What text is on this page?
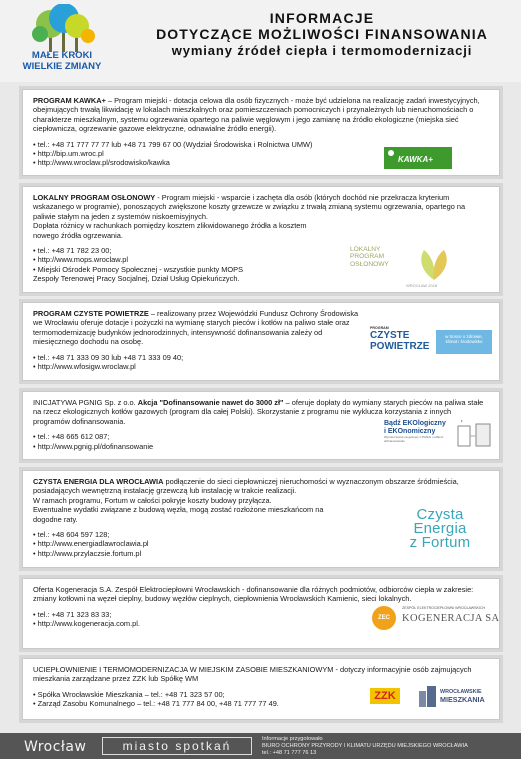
MAŁE KROKI
WIELKIE ZMIANY
INFORMACJE
DOTYCZĄCE MOŻLIWOŚCI FINANSOWANIA
wymiany źródeł ciepła i termomodernizacji

PROGRAM KAWKA+ – Program miejski - dotacja celowa dla osób fizycznych - może być udzielona na realizację zadań inwestycyjnych, obejmujących trwałą likwidację w lokalach mieszkalnych oraz pomieszczeniach pomocniczych i przynależnych lub nieruchomościach o charakterze mieszkalnym, systemu ogrzewania opartego na paliwie węglowym i jego zamianę na źródło ekologiczne (miejska sieć ciepłownicza, ogrzewanie gazowe elektryczne, odnawialne źródło energii).

• tel.: +48 71 777 77 77 lub +48 71 799 67 00 (Wydział Środowiska i Rolnictwa UMW)
• http://bip.um.wroc.pl
• http://www.wroclaw.pl/srodowisko/kawka	KAWKA+

LOKALNY PROGRAM OSŁONOWY - Program miejski - wsparcie i zachęta dla osób (których dochód nie przekracza kryterium wskazanego w programie), ponoszących zwiększone koszty grzewcze w związku z trwałą zmianą systemu ogrzewania, opartego na paliwie stałym na jeden z systemów niskoemisyjnych.

Dopłata różnicy w rachunkach pomiędzy kosztem zlikwidowanego źródła a kosztem nowego źródła ogrzewania.

• tel.: +48 71 782 23 00;
• http://www.mops.wroclaw.pl
• Miejski Ośrodek Pomocy Społecznej - wszystkie punkty MOPS

Zespoły Terenowej Pracy Socjalnej, Dział Usług Opiekuńczych.

LOKALNY
PROGRAM
OSŁONOWY
WROCŁAW 2018

PROGRAM CZYSTE POWIETRZE – realizowany przez Wojewódzki Fundusz Ochrony Środowiska we Wrocławiu oferuje dotacje i pożyczki na wymianę starych pieców i kotłów na paliwo stałe oraz termomodernizację budynków jednorodzinnych, intensywność dofinansowania zależy od miesięcznego dochodu na osobę.

• tel.: +48 71 333 09 30 lub +48 71 333 09 40;
• http://www.wfosigw.wroclaw.pl
PROGRAM
CZYSTE
POWIETRZE
w trosce o zdrowie, klimat i środowisko

INICJATYWA PGNIG Sp. z o.o. Akcja "Dofinansowanie nawet do 3000 zł" – oferuje dopłaty do wymiany starych pieców na paliwa stałe na rzecz ekologicznych kotłów gazowych (program dla całej Polski). Skorzystanie z programu nie wyklucza korzystania z innych programów dofinansowania.

• tel.: +48 665 612 087;
• http://www.pgnig.pl/dofinansowanie
Bądź EKOlogiczny
i EKOnomiczny
Wymień kocioł na gazowy z PGNiG i odbierz dofinansowanie

CZYSTA ENERGIA DLA WROCŁAWIA podłączenie do sieci ciepłowniczej nieruchomości w wyznaczonym obszarze śródmieścia, posiadających wewnętrzną instalację grzewczą lub instalację w trakcie realizacji.

W ramach programu, Fortum w całości pokryje koszty budowy przyłącza.

Ewentualne wydatki związane z budową węzła, mogą zostać rozłożone mieszkańcom na dogodne raty.

• tel.: +48 604 597 128;
• http://www.energiadlawroclawia.pl
• http://www.przylaczsie.fortum.pl
Czysta
Energia
z Fortum

Oferta Kogeneracja S.A. Zespół Elektrociepłowni Wrocławskich - dofinansowanie dla różnych podmiotów, odbiorców ciepła w zakresie: zmiany kotłowni na węzeł cieplny, budowy węzłów cieplnych, ciepłownienia Wrocławskich Kamienic, sieci lokalnych.

• tel.: +48 71 323 83 33;
• http://www.kogeneracja.com.pl.
ZEC
ZESPÓŁ ELEKTROCIEPŁOWNI WROCŁAWSKICH
KOGENERACJA SA

UCIEPŁOWNIENIE I TERMOMODERNIZACJA W MIEJSKIM ZASOBIE MIESZKANIOWYM - dotyczy informacyjnie osób zajmujących mieszkania zarządzane przez ZZK lub Spółkę WM

• Spółka Wrocławskie Mieszkania – tel.: +48 71 323 57 00;
• Zarząd Zasobu Komunalnego – tel.: +48 71 777 84 00, +48 71 777 77 49.
ZZK	WROCŁAWSKIE
MIESZKANIA
Wrocław	miasto spotkań	Informacje przygotowało
BIURO OCHRONY PRZYRODY I KLIMATU URZĘDU MIEJSKIEGO WROCŁAWIA
tel.: +48 71 777 76 13
